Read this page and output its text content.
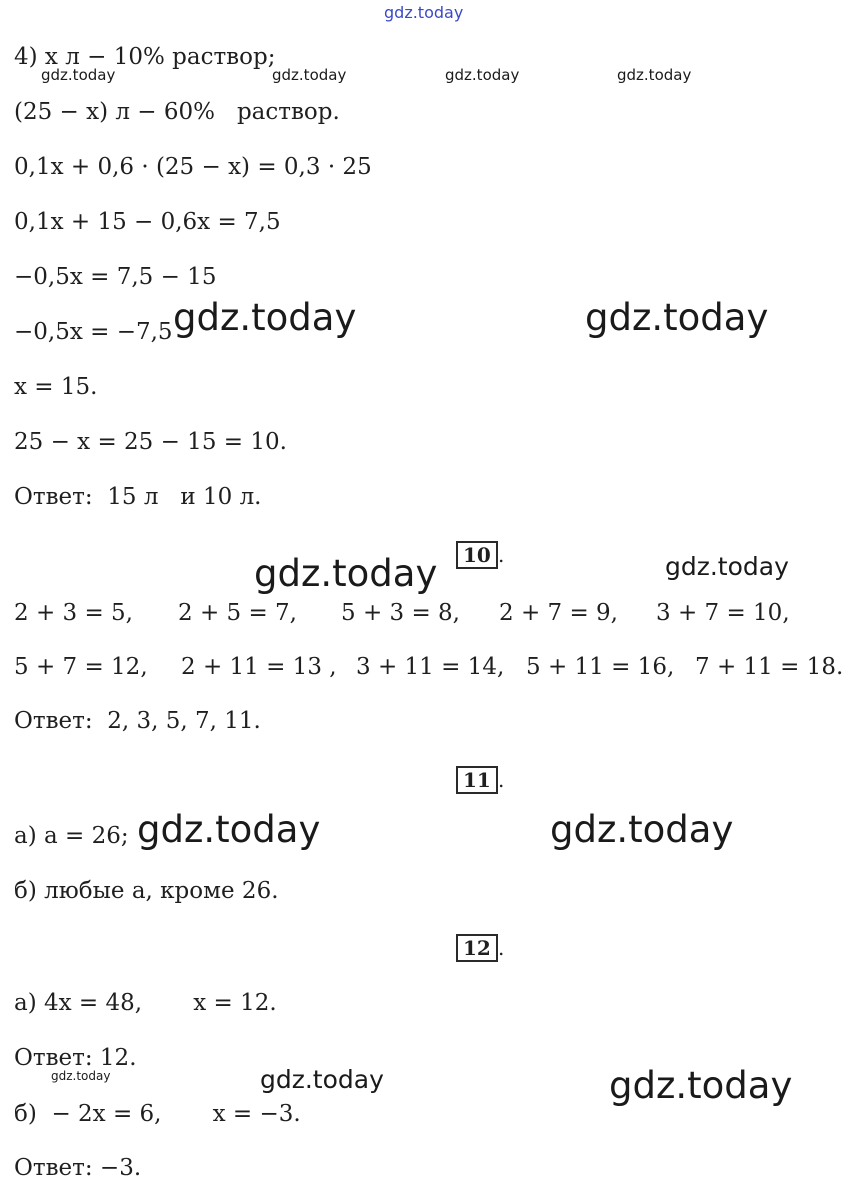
gdz.today
4) x л − 10% раствор;
(25 − x) л − 60%   раствор.
0,1x + 0,6 · (25 − x) = 0,3 · 25
0,1x + 15 − 0,6x = 7,5
−0,5x = 7,5 − 15
−0,5x = −7,5
x = 15.
25 − x = 25 − 15 = 10.
Ответ:  15 л   и 10 л.
gdz.today	gdz.today	gdz.today	gdz.today
gdz.today	gdz.today
10 .
gdz.today	gdz.today
2 + 3 = 5, 2 + 5 = 7, 5 + 3 = 8, 2 + 7 = 9, 3 + 7 = 10,
5 + 7 = 12, 2 + 11 = 13 , 3 + 11 = 14, 5 + 11 = 16, 7 + 11 = 18.
Ответ:  2, 3, 5, 7, 11.
11 .
а) a = 26; gdz.today	gdz.today
б) любые a, кроме 26.
12 .
а) 4x = 48,       x = 12.
Ответ: 12.
gdz.today	gdz.today	gdz.today
б)  − 2x = 6,       x = −3.
Ответ: −3.
